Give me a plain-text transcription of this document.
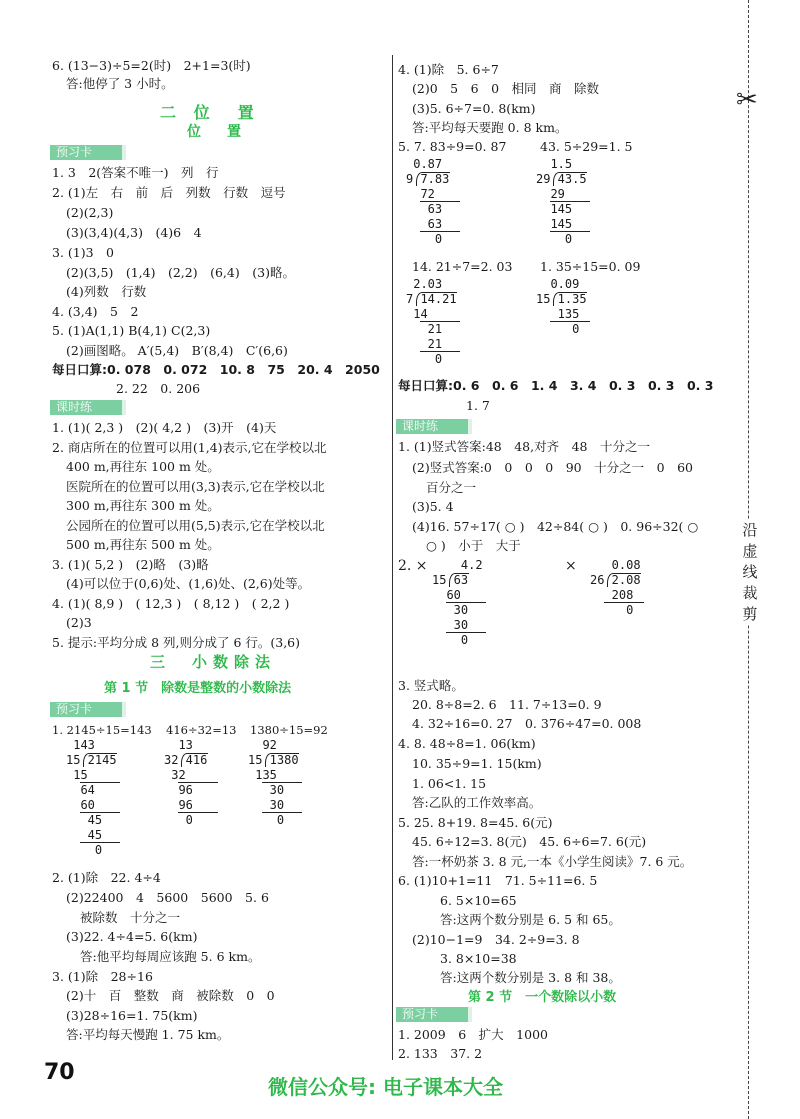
6. (13−3)÷5=2(时)　2+1=3(时)
答:他停了 3 小时。
二 位　置
位　置
预习卡
1. 3　2(答案不唯一)　列　行
2. (1)左　右　前　后　列数　行数　逗号
(2)(2,3)
(3)(3,4)(4,3)　(4)6　4
3. (1)3　0
(2)(3,5)　(1,4)　(2,2)　(6,4)　(3)略。
(4)列数　行数
4. (3,4)　5　2
5. (1)A(1,1) B(4,1) C(2,3)
(2)画图略。 A′(5,4)　B′(8,4)　C′(6,6)
每日口算:0. 078　0. 072　10. 8　75　20. 4　2050
2. 22　0. 206
课时练
1. (1)( 2,3 )　(2)( 4,2 )　(3)开　(4)天
2. 商店所在的位置可以用(1,4)表示,它在学校以北
400 m,再往东 100 m 处。
医院所在的位置可以用(3,3)表示,它在学校以北
300 m,再往东 300 m 处。
公园所在的位置可以用(5,5)表示,它在学校以北
500 m,再往东 500 m 处。
3. (1)( 5,2 )　(2)略　(3)略
(4)可以位于(0,6)处、(1,6)处、(2,6)处等。
4. (1)( 8,9 )　( 12,3 )　( 8,12 )　( 2,2 )
(2)3
5. 提示:平均分成 8 列,则分成了 6 行。(3,6)
三　小数除法
第 1 节　除数是整数的小数除法
预习卡
1. 2145÷15=143 416÷32=13 1380÷15=92
143
15 2145
15
64
60
45
45
0
13
32 416
32
96
96
0
92
15 1380
135
30
30
0
2. (1)除　22. 4÷4
(2)22400　4　5600　5600　5. 6
被除数　十分之一
(3)22. 4÷4=5. 6(km)
答:他平均每周应该跑 5. 6 km。
3. (1)除　28÷16
(2)十　百　整数　商　被除数　0　0
(3)28÷16=1. 75(km)
答:平均每天慢跑 1. 75 km。
4. (1)除　5. 6÷7
(2)0　5　6　0　相同　商　除数
(3)5. 6÷7=0. 8(km)
答:平均每天要跑 0. 8 km。
5. 7. 83÷9=0. 87	43. 5÷29=1. 5
0.87
9 7.83
72
63
63
0
1.5
29 43.5
29
145
145
0
14. 21÷7=2. 03 1. 35÷15=0. 09
2.03
7 14.21
14
21
21
0
0.09
15 1.35
135
0
每日口算:0. 6　0. 6　1. 4　3. 4　0. 3　0. 3　0. 3
1. 7
课时练
1. (1)竖式答案:48　48,对齐　48　十分之一
(2)竖式答案:0　0　0　0　90　十分之一　0　60
百分之一
(3)5. 4
(4)16. 57÷17( ○ )　42÷84( ○ )　0. 96÷32( ○
○ )　小于　大于
2. ×	×
4.2
15 63
60
30
30
0
0.08
26 2.08
208
0
3. 竖式略。
20. 8÷8=2. 6　11. 7÷13=0. 9
4. 32÷16=0. 27　0. 376÷47=0. 008
4. 8. 48÷8=1. 06(km)
10. 35÷9=1. 15(km)
1. 06<1. 15
答:乙队的工作效率高。
5. 25. 8+19. 8=45. 6(元)
45. 6÷12=3. 8(元)　45. 6÷6=7. 6(元)
答:一杯奶茶 3. 8 元,一本《小学生阅读》7. 6 元。
6. (1)10+1=11　71. 5÷11=6. 5
6. 5×10=65
答:这两个数分别是 6. 5 和 65。
(2)10−1=9　34. 2÷9=3. 8
3. 8×10=38
答:这两个数分别是 3. 8 和 38。
第 2 节　一个数除以小数
预习卡
1. 2009　6　扩大　1000
2. 133　37. 2
✂
沿虚线裁剪
70
微信公众号: 电子课本大全
